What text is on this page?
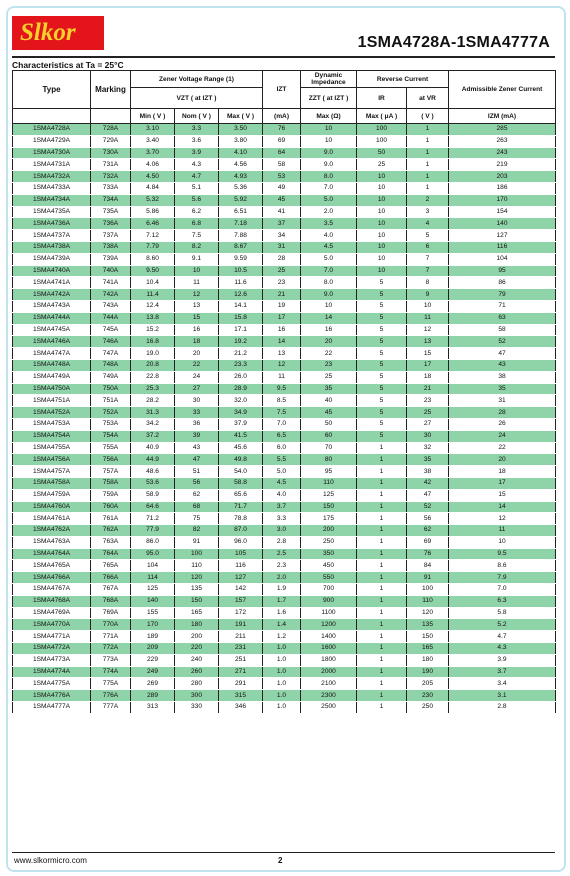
Slkor	1SMA4728A-1SMA4777A
Characteristics at Ta = 25°C
Type	Marking	Zener Voltage Range (1)			IZT	Dynamic Impedance	Reverse Current		Admissible Zener Current
		VZT ( at IZT )				ZZT ( at IZT )	IR	at VR	
		Min ( V )	Nom ( V )	Max ( V )	(mA)	Max (Ω)	Max ( μA )	( V )	IZM (mA)
1SMA4728A	728A	3.10	3.3	3.50	76	10	100	1	285
1SMA4729A	729A	3.40	3.6	3.80	69	10	100	1	263
1SMA4730A	730A	3.70	3.9	4.10	64	9.0	50	1	243
1SMA4731A	731A	4.06	4.3	4.56	58	9.0	25	1	219
1SMA4732A	732A	4.50	4.7	4.93	53	8.0	10	1	203
1SMA4733A	733A	4.84	5.1	5.36	49	7.0	10	1	186
1SMA4734A	734A	5.32	5.6	5.92	45	5.0	10	2	170
1SMA4735A	735A	5.86	6.2	6.51	41	2.0	10	3	154
1SMA4736A	736A	6.46	6.8	7.18	37	3.5	10	4	140
1SMA4737A	737A	7.12	7.5	7.88	34	4.0	10	5	127
1SMA4738A	738A	7.79	8.2	8.67	31	4.5	10	6	116
1SMA4739A	739A	8.60	9.1	9.59	28	5.0	10	7	104
1SMA4740A	740A	9.50	10	10.5	25	7.0	10	7	95
1SMA4741A	741A	10.4	11	11.6	23	8.0	5	8	86
1SMA4742A	742A	11.4	12	12.6	21	9.0	5	9	79
1SMA4743A	743A	12.4	13	14.1	19	10	5	10	71
1SMA4744A	744A	13.8	15	15.8	17	14	5	11	63
1SMA4745A	745A	15.2	16	17.1	16	16	5	12	58
1SMA4746A	746A	16.8	18	19.2	14	20	5	13	52
1SMA4747A	747A	19.0	20	21.2	13	22	5	15	47
1SMA4748A	748A	20.8	22	23.3	12	23	5	17	43
1SMA4749A	749A	22.8	24	26.0	11	25	5	18	38
1SMA4750A	750A	25.3	27	28.9	9.5	35	5	21	35
1SMA4751A	751A	28.2	30	32.0	8.5	40	5	23	31
1SMA4752A	752A	31.3	33	34.9	7.5	45	5	25	28
1SMA4753A	753A	34.2	36	37.9	7.0	50	5	27	26
1SMA4754A	754A	37.2	39	41.5	6.5	60	5	30	24
1SMA4755A	755A	40.9	43	45.6	6.0	70	1	32	22
1SMA4756A	756A	44.9	47	49.8	5.5	80	1	35	20
1SMA4757A	757A	48.6	51	54.0	5.0	95	1	38	18
1SMA4758A	758A	53.6	56	58.8	4.5	110	1	42	17
1SMA4759A	759A	58.9	62	65.6	4.0	125	1	47	15
1SMA4760A	760A	64.6	68	71.7	3.7	150	1	52	14
1SMA4761A	761A	71.2	75	78.8	3.3	175	1	56	12
1SMA4762A	762A	77.9	82	87.0	3.0	200	1	62	11
1SMA4763A	763A	86.0	91	96.0	2.8	250	1	69	10
1SMA4764A	764A	95.0	100	105	2.5	350	1	76	9.5
1SMA4765A	765A	104	110	116	2.3	450	1	84	8.6
1SMA4766A	766A	114	120	127	2.0	550	1	91	7.9
1SMA4767A	767A	125	135	142	1.9	700	1	100	7.0
1SMA4768A	768A	140	150	157	1.7	900	1	110	6.3
1SMA4769A	769A	155	165	172	1.6	1100	1	120	5.8
1SMA4770A	770A	170	180	191	1.4	1200	1	135	5.2
1SMA4771A	771A	189	200	211	1.2	1400	1	150	4.7
1SMA4772A	772A	209	220	231	1.0	1600	1	165	4.3
1SMA4773A	773A	229	240	251	1.0	1800	1	180	3.9
1SMA4774A	774A	249	260	271	1.0	2000	1	190	3.7
1SMA4775A	775A	269	280	291	1.0	2100	1	205	3.4
1SMA4776A	776A	289	300	315	1.0	2300	1	230	3.1
1SMA4777A	777A	313	330	346	1.0	2500	1	250	2.8
www.slkormicro.com	2
